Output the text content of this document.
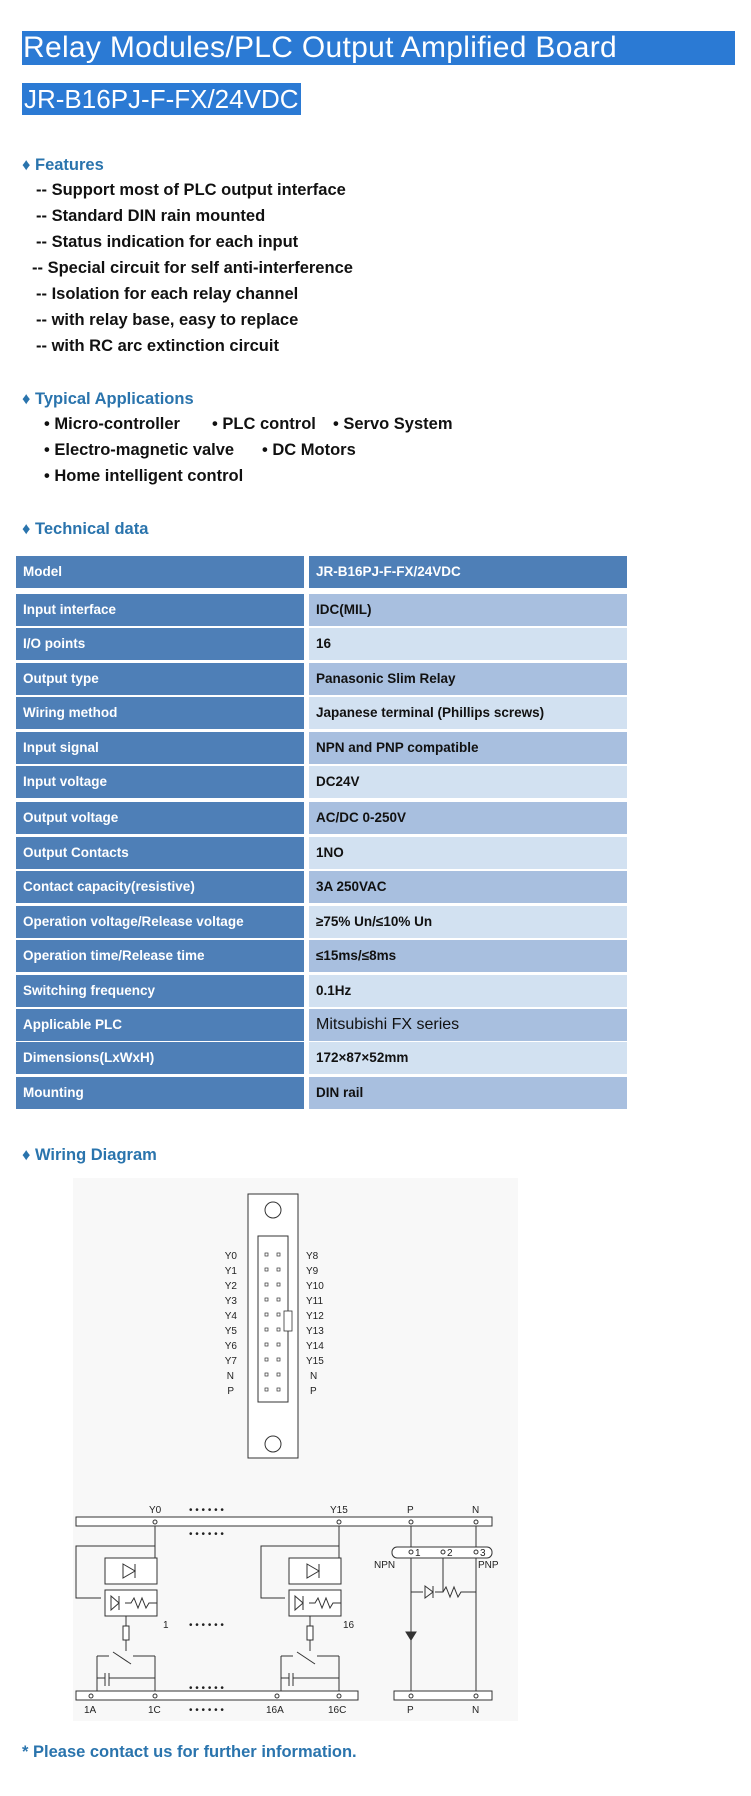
Relay Modules/PLC Output Amplified Board
JR-B16PJ-F-FX/24VDC
♦ Features
-- Support most of PLC output interface
-- Standard DIN rain mounted
-- Status indication for each input
-- Special circuit for self anti-interference
-- Isolation for each relay channel
-- with relay base, easy to replace
-- with RC arc extinction circuit
♦ Typical Applications
• Micro-controller • PLC control • Servo System
• Electro-magnetic valve • DC Motors
• Home intelligent control
♦ Technical data
Model	JR-B16PJ-F-FX/24VDC
Input interface	IDC(MIL)
I/O points	16
Output type	Panasonic Slim Relay
Wiring method	Japanese terminal (Phillips screws)
Input signal	NPN and PNP compatible
Input voltage	DC24V
Output voltage	AC/DC 0-250V
Output Contacts	1NO
Contact capacity(resistive)	3A 250VAC
Operation voltage/Release voltage	≥75% Un/≤10% Un
Operation time/Release time	≤15ms/≤8ms
Switching frequency	0.1Hz
Applicable PLC	Mitsubishi FX series
Dimensions(LxWxH)	172×87×52mm
Mounting	DIN rail
♦ Wiring Diagram
Y0
Y1
Y2
Y3
Y4
Y5
Y6
Y7
N
P
Y8
Y9
Y10
Y11
Y12
Y13
Y14
Y15
N
P
Y0	Y15	P	N
• • • • • •
• • • • • •
• • • • • •
• • • • • •
• • • • • •
1	16
1	2	3
NPN	PNP
1A	1C	16A	16C	P	N
* Please contact us for further information.
